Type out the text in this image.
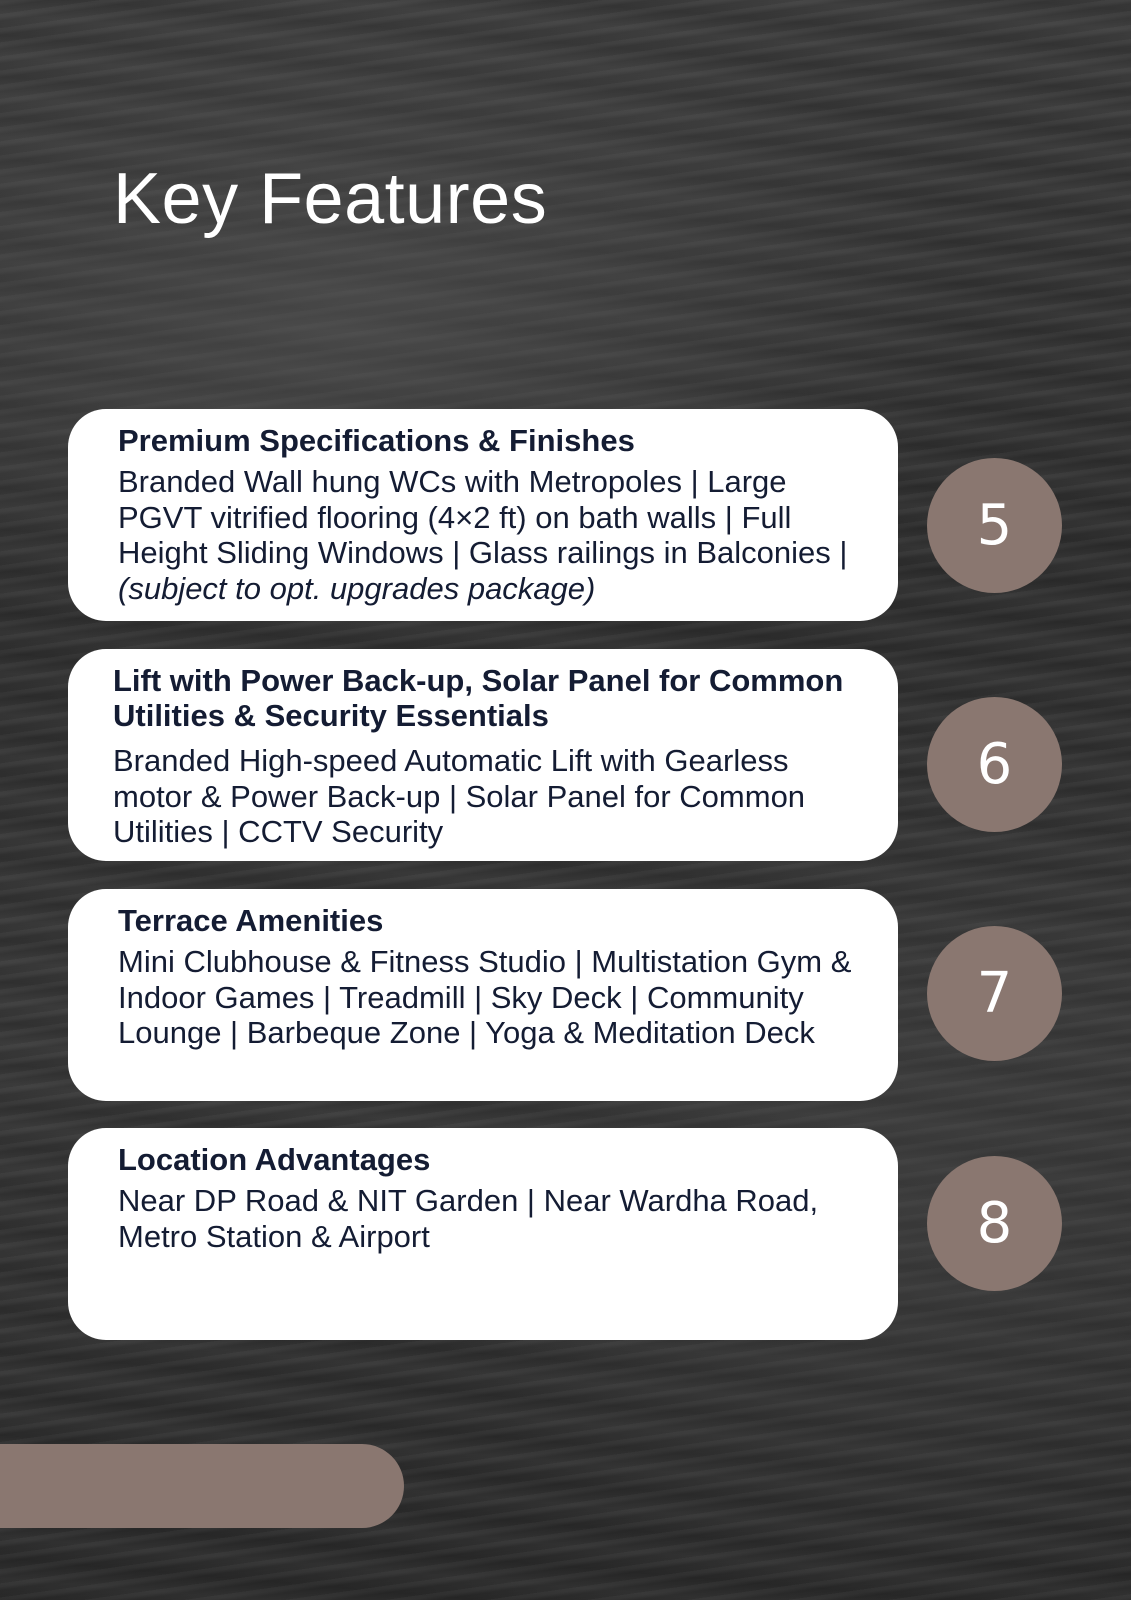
Key Features
Premium Specifications & Finishes
Branded Wall hung WCs with Metropoles | Large PGVT vitrified flooring (4×2 ft) on bath walls | Full Height Sliding Windows | Glass railings in Balconies | (subject to opt. upgrades package)
5
Lift with Power Back-up, Solar Panel for Common Utilities & Security Essentials
Branded High-speed Automatic Lift with Gearless motor & Power Back-up | Solar Panel for Common Utilities | CCTV Security
6
Terrace Amenities
Mini Clubhouse & Fitness Studio | Multistation Gym & Indoor Games | Treadmill | Sky Deck | Community Lounge | Barbeque Zone | Yoga & Meditation Deck
7
Location Advantages
Near DP Road & NIT Garden | Near Wardha Road, Metro Station & Airport	8
